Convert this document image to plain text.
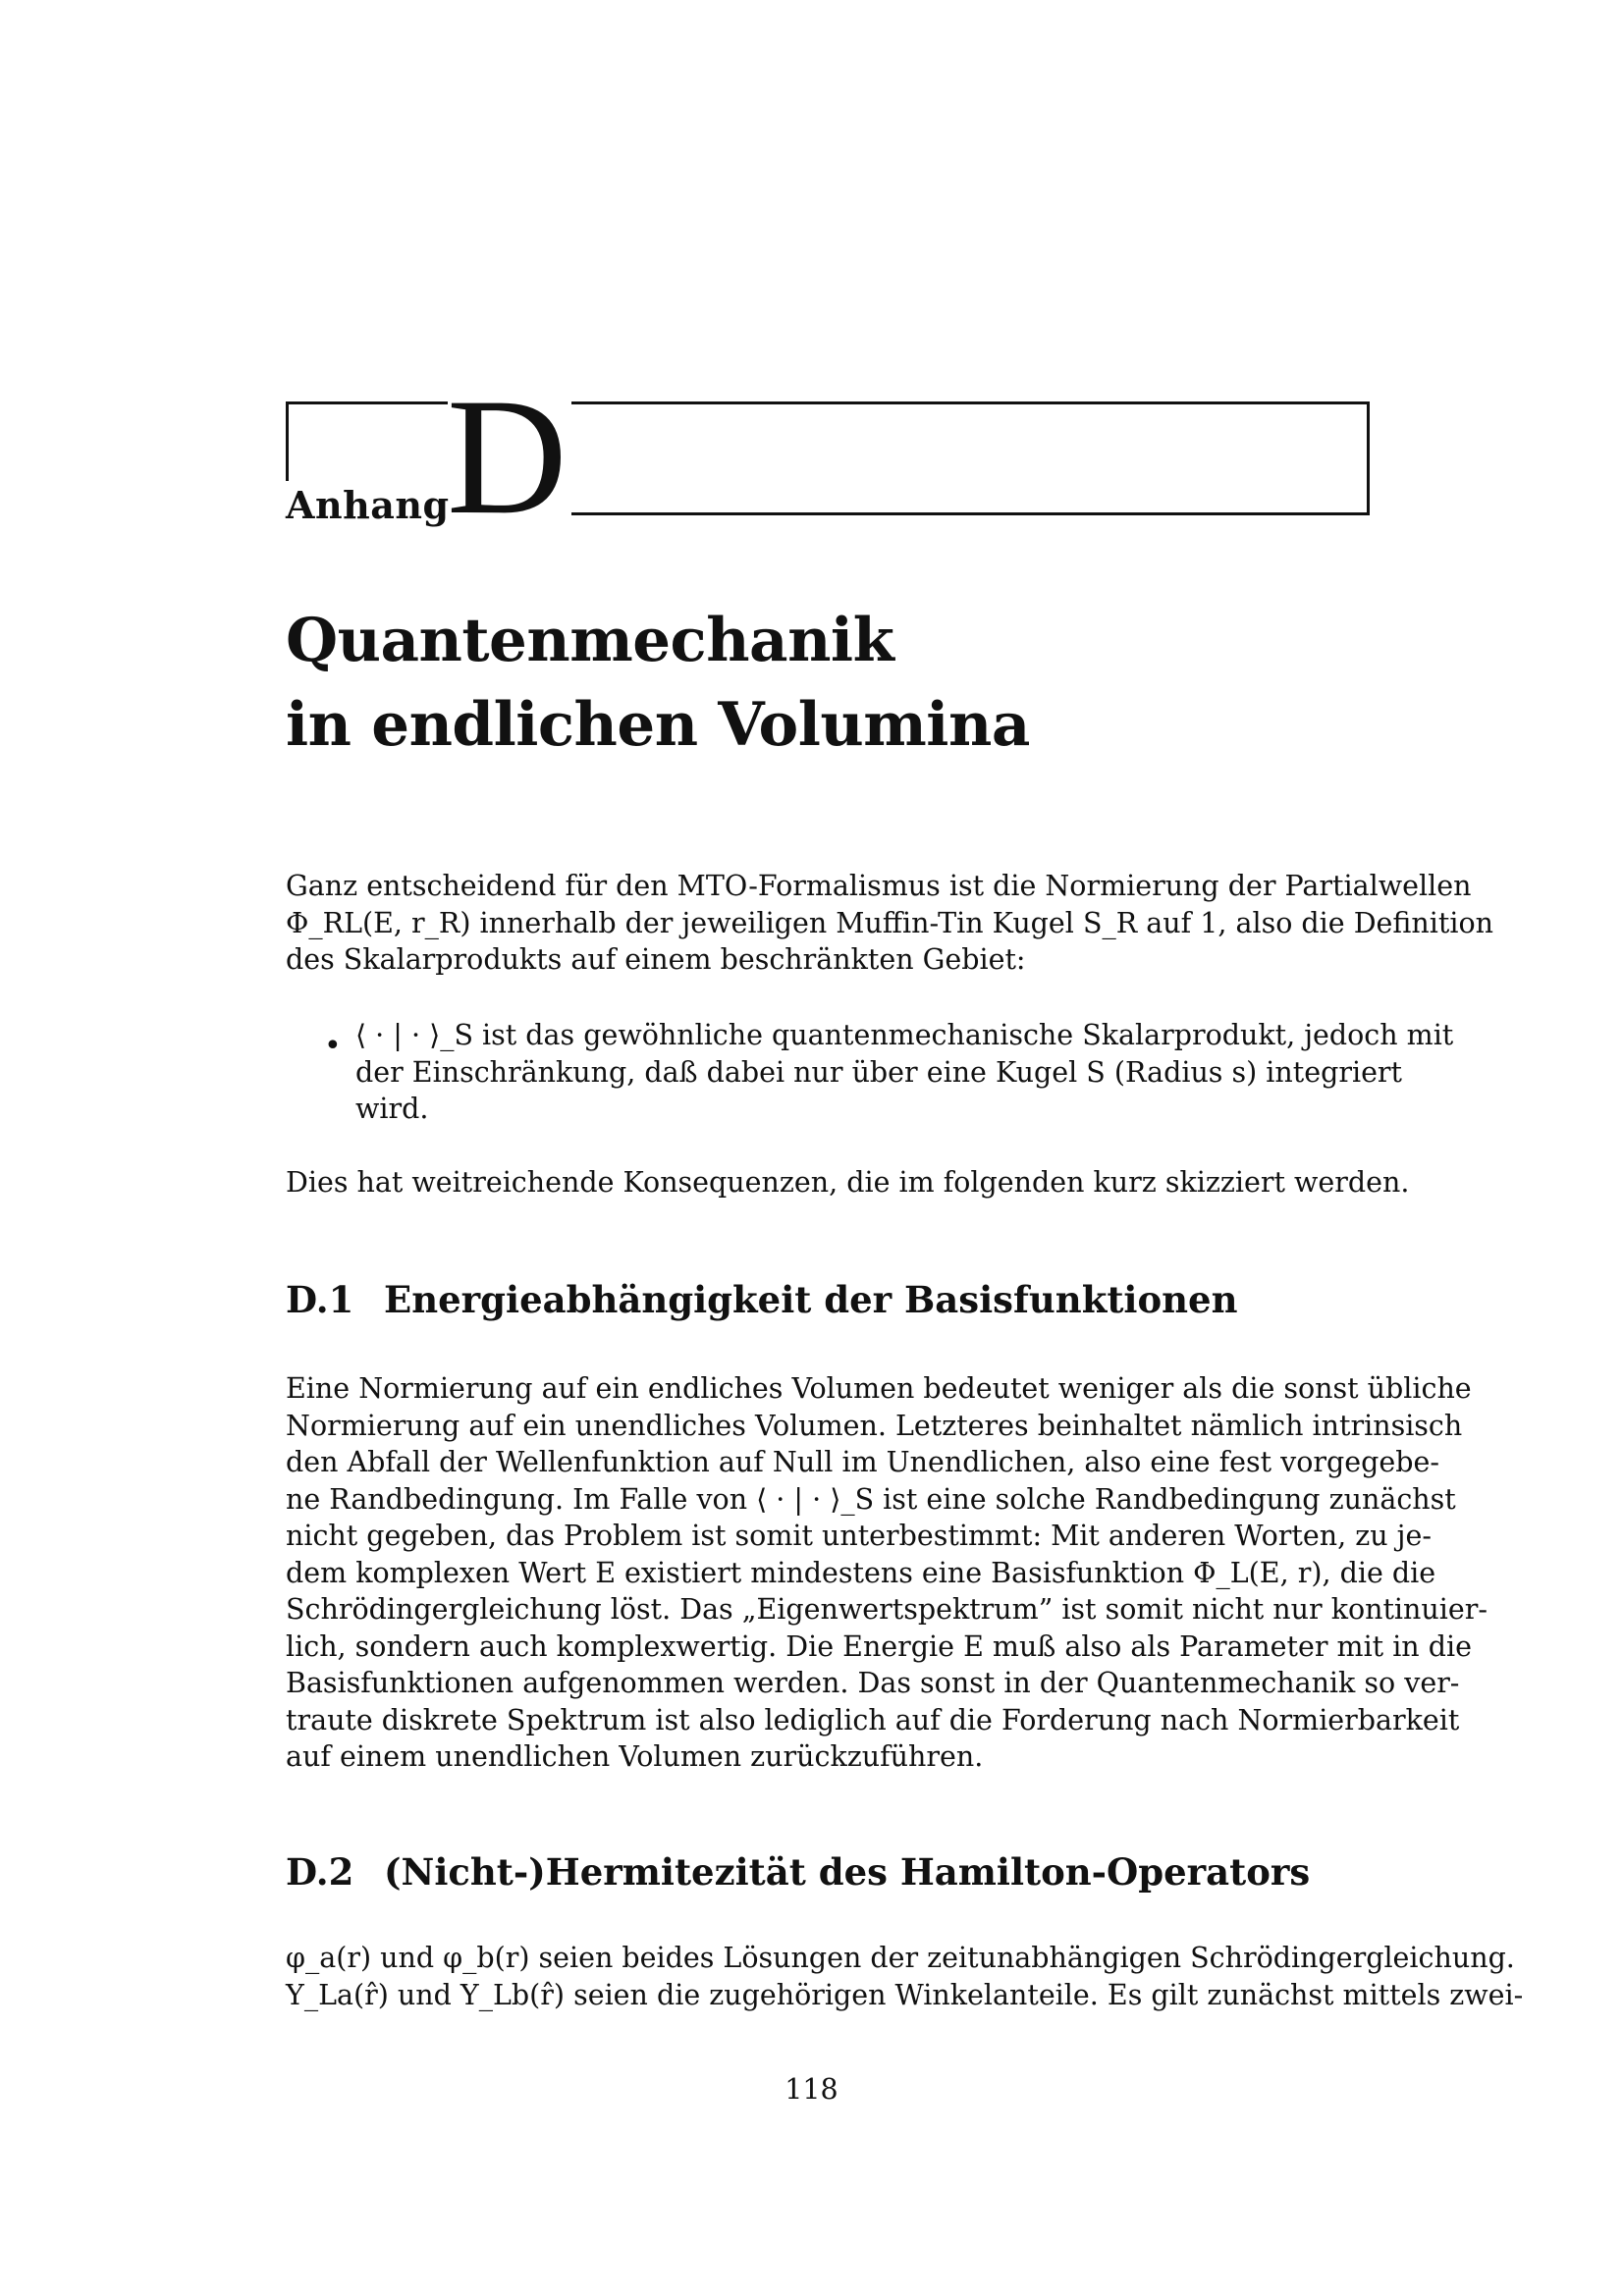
Anhang
D
Quantenmechanik
in endlichen Volumina
Ganz entscheidend für den MTO-Formalismus ist die Normierung der Partialwellen
Φ_RL(E, r_R) innerhalb der jeweiligen Muffin-Tin Kugel S_R auf 1, also die Definition
des Skalarprodukts auf einem beschränkten Gebiet:
• ⟨ · | · ⟩_S ist das gewöhnliche quantenmechanische Skalarprodukt, jedoch mit
der Einschränkung, daß dabei nur über eine Kugel S (Radius s) integriert
wird.
Dies hat weitreichende Konsequenzen, die im folgenden kurz skizziert werden.
D.1 Energieabhängigkeit der Basisfunktionen
Eine Normierung auf ein endliches Volumen bedeutet weniger als die sonst übliche
Normierung auf ein unendliches Volumen. Letzteres beinhaltet nämlich intrinsisch
den Abfall der Wellenfunktion auf Null im Unendlichen, also eine fest vorgegebe-
ne Randbedingung. Im Falle von ⟨ · | · ⟩_S ist eine solche Randbedingung zunächst
nicht gegeben, das Problem ist somit unterbestimmt: Mit anderen Worten, zu je-
dem komplexen Wert E existiert mindestens eine Basisfunktion Φ_L(E, r), die die
Schrödingergleichung löst. Das „Eigenwertspektrum” ist somit nicht nur kontinuier-
lich, sondern auch komplexwertig. Die Energie E muß also als Parameter mit in die
Basisfunktionen aufgenommen werden. Das sonst in der Quantenmechanik so ver-
traute diskrete Spektrum ist also lediglich auf die Forderung nach Normierbarkeit
auf einem unendlichen Volumen zurückzuführen.
D.2 (Nicht-)Hermitezität des Hamilton-Operators
φ_a(r) und φ_b(r) seien beides Lösungen der zeitunabhängigen Schrödingergleichung.
Y_La(r̂) und Y_Lb(r̂) seien die zugehörigen Winkelanteile. Es gilt zunächst mittels zwei-
118
